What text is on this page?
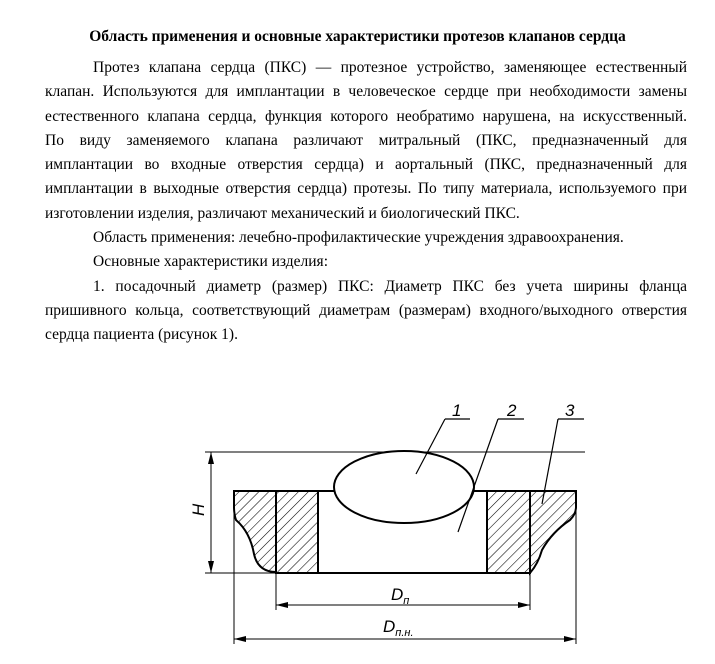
Область применения и основные характеристики протезов клапанов сердца

Протез клапана сердца (ПКС) — протезное устройство, заменяющее естественный
клапан. Используются для имплантации в человеческое сердце при необходимости замены
естественного клапана сердца, функция которого необратимо нарушена, на искусственный.
По виду заменяемого клапана различают митральный (ПКС, предназначенный для
имплантации во входные отверстия сердца) и аортальный (ПКС, предназначенный для
имплантации в выходные отверстия сердца) протезы. По типу материала, используемого при
изготовлении изделия, различают механический и биологический ПКС.

Область применения: лечебно-профилактические учреждения здравоохранения.

Основные характеристики изделия:

1. посадочный диаметр (размер) ПКС: Диаметр ПКС без учета ширины фланца
пришивного кольца, соответствующий диаметрам (размерам) входного/выходного отверстия
сердца пациента (рисунок 1).

H
1	2	3
$D_п$
$D_{п.н.}$
